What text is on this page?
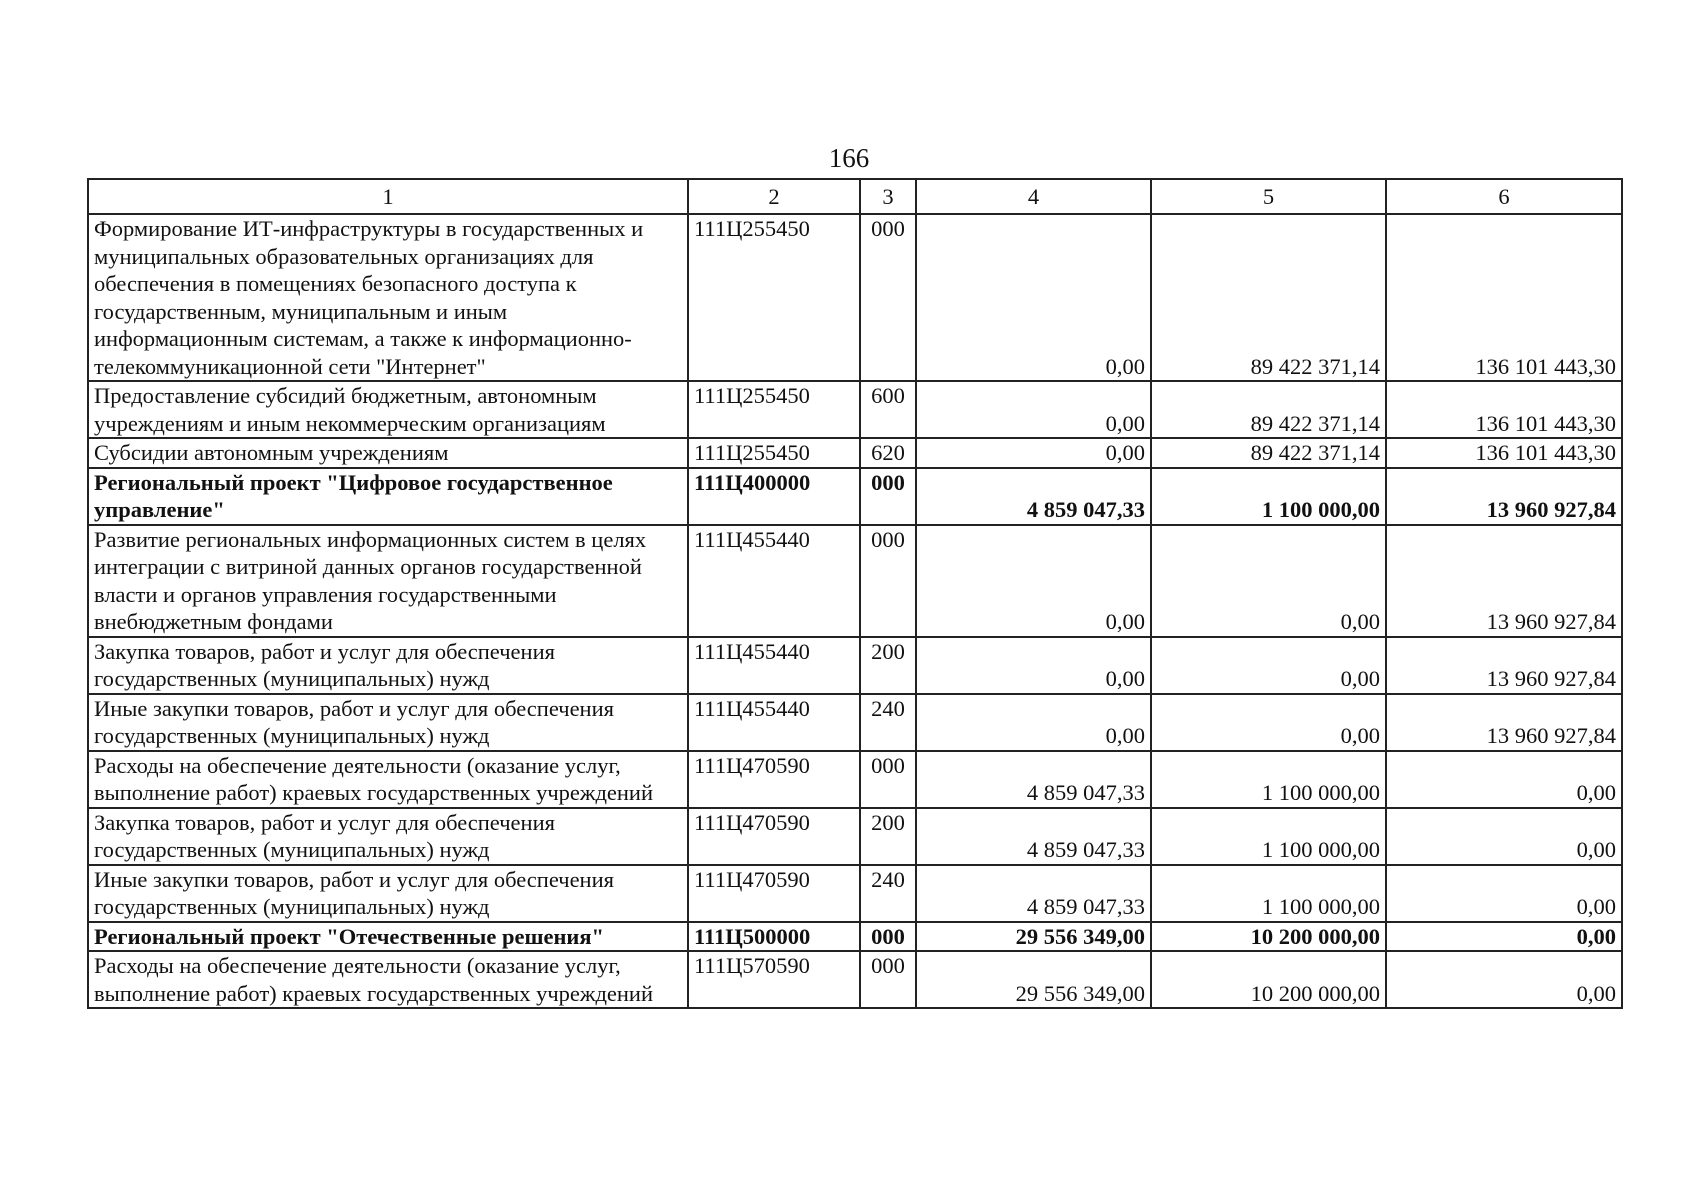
166
1	2	3	4	5	6
Формирование ИТ-инфраструктуры в государственных и муниципальных образовательных организациях для обеспечения в помещениях безопасного доступа к государственным, муниципальным и иным информационным системам, а также к информационно-телекоммуникационной сети "Интернет"	111Ц255450	000	0,00	89 422 371,14	136 101 443,30
Предоставление субсидий бюджетным, автономным учреждениям и иным некоммерческим организациям	111Ц255450	600	0,00	89 422 371,14	136 101 443,30
Субсидии автономным учреждениям	111Ц255450	620	0,00	89 422 371,14	136 101 443,30
Региональный проект "Цифровое государственное управление"	111Ц400000	000	4 859 047,33	1 100 000,00	13 960 927,84
Развитие региональных информационных систем в целях интеграции с витриной данных органов государственной власти и органов управления государственными внебюджетным фондами	111Ц455440	000	0,00	0,00	13 960 927,84
Закупка товаров, работ и услуг для обеспечения государственных (муниципальных) нужд	111Ц455440	200	0,00	0,00	13 960 927,84
Иные закупки товаров, работ и услуг для обеспечения государственных (муниципальных) нужд	111Ц455440	240	0,00	0,00	13 960 927,84
Расходы на обеспечение деятельности (оказание услуг, выполнение работ) краевых государственных учреждений	111Ц470590	000	4 859 047,33	1 100 000,00	0,00
Закупка товаров, работ и услуг для обеспечения государственных (муниципальных) нужд	111Ц470590	200	4 859 047,33	1 100 000,00	0,00
Иные закупки товаров, работ и услуг для обеспечения государственных (муниципальных) нужд	111Ц470590	240	4 859 047,33	1 100 000,00	0,00
Региональный проект "Отечественные решения"	111Ц500000	000	29 556 349,00	10 200 000,00	0,00
Расходы на обеспечение деятельности (оказание услуг, выполнение работ) краевых государственных учреждений	111Ц570590	000	29 556 349,00	10 200 000,00	0,00
